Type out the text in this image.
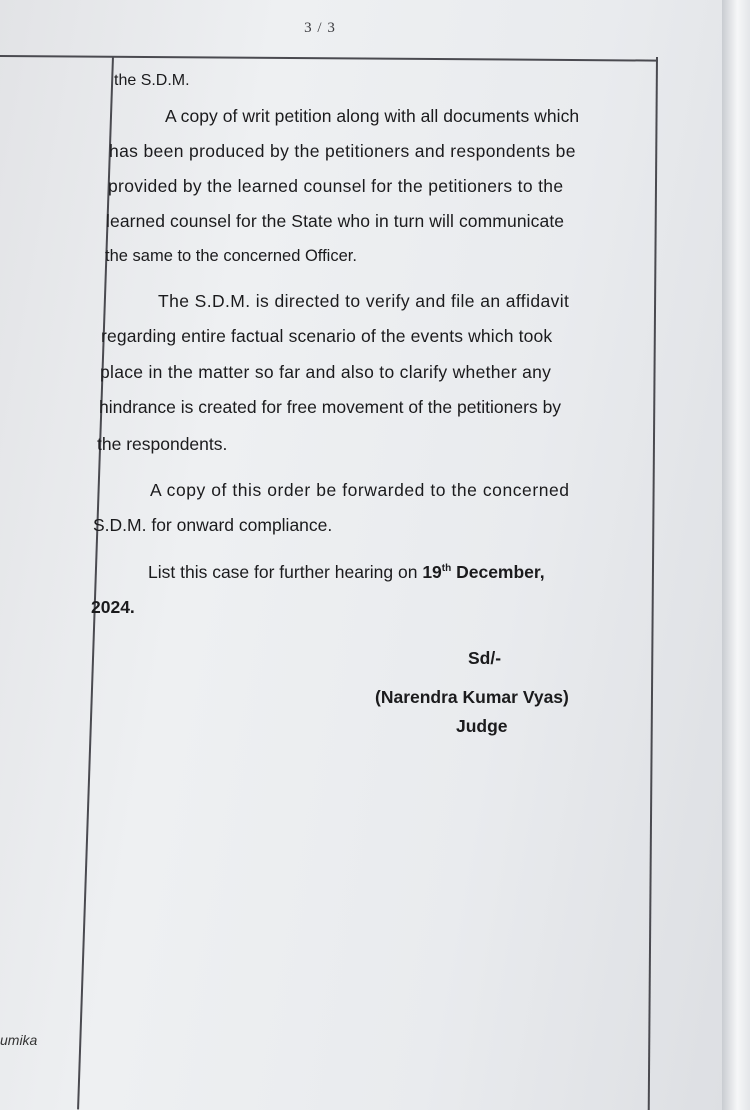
3 / 3
umika
the S.D.M.
A copy of writ petition along with all documents which
has been produced by the petitioners and respondents be
provided by the learned counsel for the petitioners to the
learned counsel for the State who in turn will communicate
the same to the concerned Officer.
The S.D.M. is directed to verify and file an affidavit
regarding entire factual scenario of the events which took
place in the matter so far and also to clarify whether any
hindrance is created for free movement of the petitioners by
the respondents.
A copy of this order be forwarded to the concerned
S.D.M. for onward compliance.
List this case for further hearing on 19th December,
2024.
Sd/-
(Narendra Kumar Vyas)
Judge
